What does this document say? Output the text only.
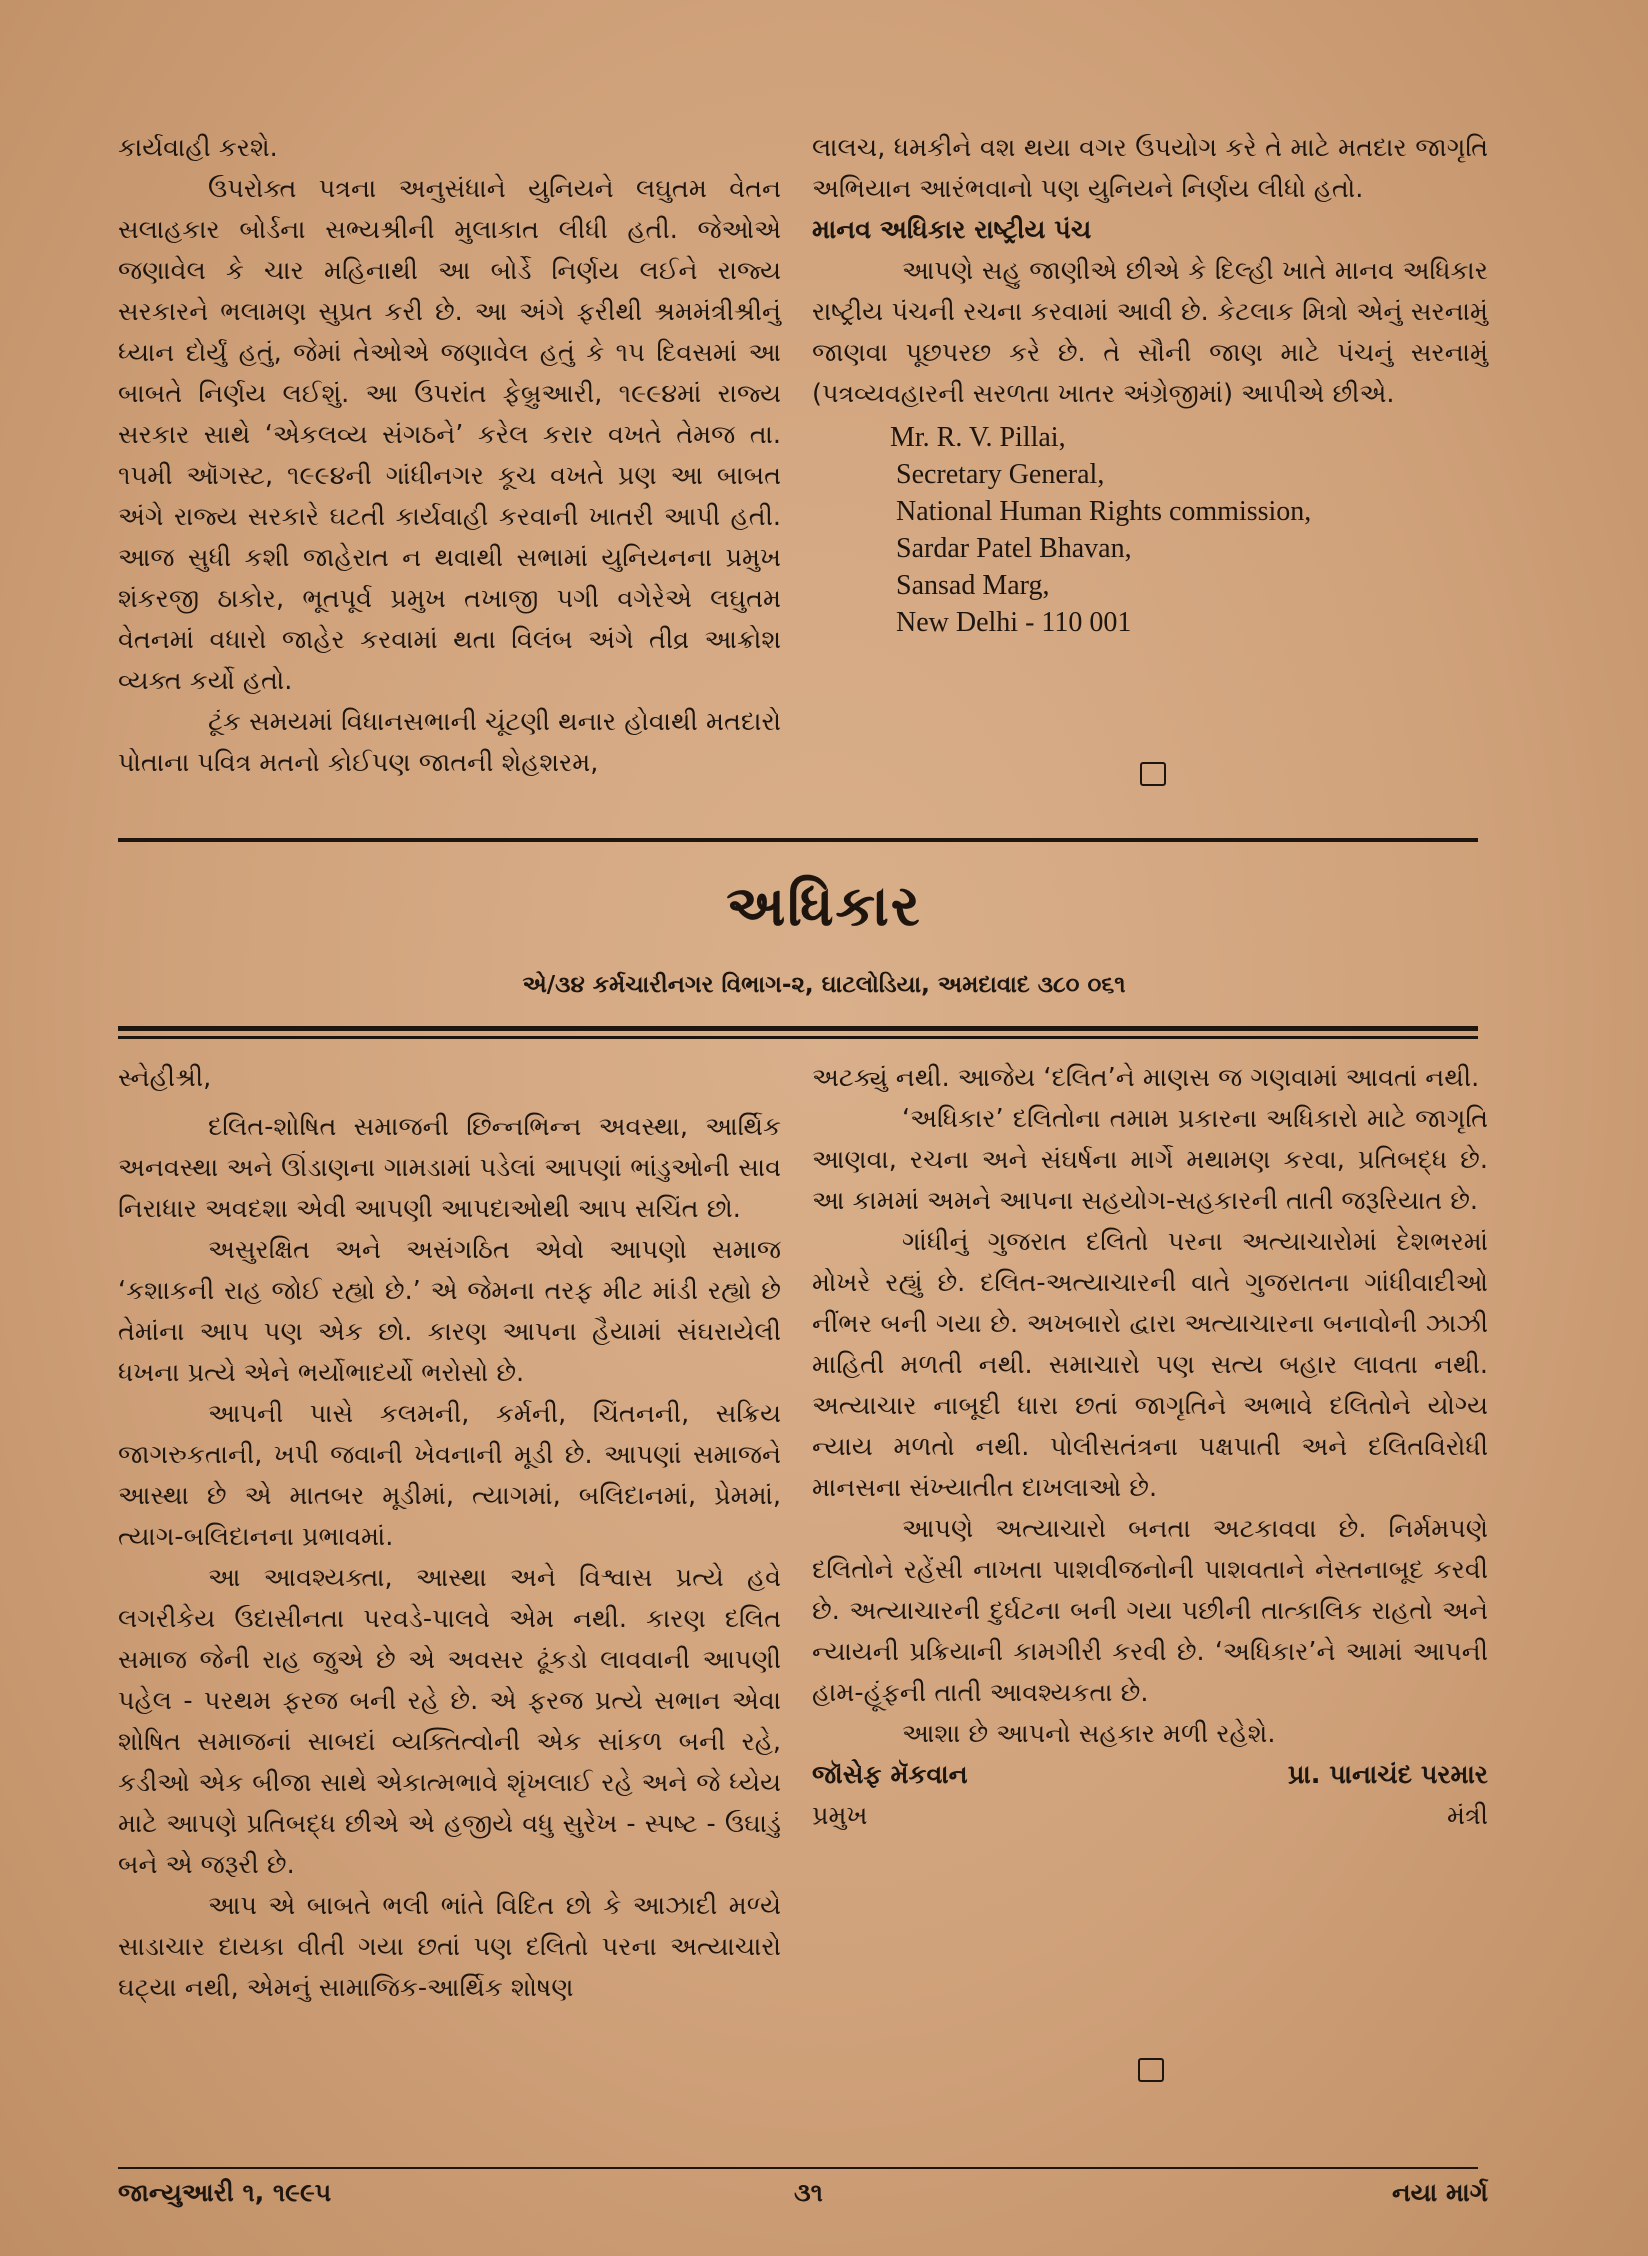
કાર્યવાહી કરશે.

ઉપરોક્ત પત્રના અનુસંધાને યુનિયને લઘુતમ વેતન સલાહકાર બોર્ડના સભ્યશ્રીની મુલાકાત લીધી હતી. જેઓએ જણાવેલ કે ચાર મહિનાથી આ બોર્ડે નિર્ણય લઈને રાજ્ય સરકારને ભલામણ સુપ્રત કરી છે. આ અંગે ફરીથી શ્રમમંત્રીશ્રીનું ધ્યાન દોર્યું હતું, જેમાં તેઓએ જણાવેલ હતું કે ૧૫ દિવસમાં આ બાબતે નિર્ણય લઈશું. આ ઉપરાંત ફેબ્રુઆરી, ૧૯૯૪માં રાજ્ય સરકાર સાથે ‘એકલવ્ય સંગઠને’ કરેલ કરાર વખતે તેમજ તા. ૧૫મી ઑગસ્ટ, ૧૯૯૪ની ગાંધીનગર કૂચ વખતે પ્રણ આ બાબત અંગે રાજ્ય સરકારે ઘટતી કાર્યવાહી કરવાની ખાતરી આપી હતી. આજ સુધી કશી જાહેરાત ન થવાથી સભામાં યુનિયનના પ્રમુખ શંકરજી ઠાકોર, ભૂતપૂર્વ પ્રમુખ તખાજી પગી વગેરેએ લઘુતમ વેતનમાં વધારો જાહેર કરવામાં થતા વિલંબ અંગે તીવ્ર આક્રોશ વ્યક્ત કર્યો હતો.

ટૂંક સમયમાં વિધાનસભાની ચૂંટણી થનાર હોવાથી મતદારો પોતાના પવિત્ર મતનો કોઈપણ જાતની શેહશરમ,

લાલચ, ધમકીને વશ થયા વગર ઉપયોગ કરે તે માટે મતદાર જાગૃતિ અભિયાન આરંભવાનો પણ યુનિયને નિર્ણય લીધો હતો.

માનવ અધિકાર રાષ્ટ્રીય પંચ

આપણે સહુ જાણીએ છીએ કે દિલ્હી ખાતે માનવ અધિકાર રાષ્ટ્રીય પંચની રચના કરવામાં આવી છે. કેટલાક મિત્રો એનું સરનામું જાણવા પૂછપરછ કરે છે. તે સૌની જાણ માટે પંચનું સરનામું (પત્રવ્યવહારની સરળતા ખાતર અંગ્રેજીમાં) આપીએ છીએ.

Mr. R. V. Pillai,
Secretary General,
National Human Rights commission,
Sardar Patel Bhavan,
Sansad Marg,
New Delhi - 110 001
અધિકાર
એ/૩૪ કર્મચારીનગર વિભાગ-૨, ઘાટલોડિયા, અમદાવાદ ૩૮૦ ૦૬૧

સ્નેહીશ્રી,

દલિત-શોષિત સમાજની છિન્નભિન્ન અવસ્થા, આર્થિક અનવસ્થા અને ઊંડાણના ગામડામાં પડેલાં આપણાં ભાંડુઓની સાવ નિરાધાર અવદશા એવી આપણી આપદાઓથી આપ સચિંત છો.

અસુરક્ષિત અને અસંગઠિત એવો આપણો સમાજ ‘કશાકની રાહ જોઈ રહ્યો છે.’ એ જેમના તરફ મીટ માંડી રહ્યો છે તેમાંના આપ પણ એક છો. કારણ આપના હૈયામાં સંઘરાયેલી ધખના પ્રત્યે એને ભર્યોભાદર્યો ભરોસો છે.

આપની પાસે કલમની, કર્મની, ચિંતનની, સક્રિય જાગરુકતાની, ખપી જવાની ખેવનાની મૂડી છે. આપણાં સમાજને આસ્થા છે એ માતબર મૂડીમાં, ત્યાગમાં, બલિદાનમાં, પ્રેમમાં, ત્યાગ-બલિદાનના પ્રભાવમાં.

આ આવશ્યક્તા, આસ્થા અને વિશ્વાસ પ્રત્યે હવે લગરીકેય ઉદાસીનતા પરવડે-પાલવે એમ નથી. કારણ દલિત સમાજ જેની રાહ જુએ છે એ અવસર ઢૂંકડો લાવવાની આપણી પહેલ - પરથમ ફરજ બની રહે છે. એ ફરજ પ્રત્યે સભાન એવા શોષિત સમાજનાં સાબદાં વ્યક્તિત્વોની એક સાંકળ બની રહે, કડીઓ એક બીજા સાથે એકાત્મભાવે શૃંખલાઈ રહે અને જે ધ્યેય માટે આપણે પ્રતિબદ્ધ છીએ એ હજીયે વધુ સુરેખ - સ્પષ્ટ - ઉઘાડું બને એ જરૂરી છે.

આપ એ બાબતે ભલી ભાંતે વિદિત છો કે આઝાદી મળ્યે સાડાચાર દાયકા વીતી ગયા છતાં પણ દલિતો પરના અત્યાચારો ઘટ્યા નથી, એમનું સામાજિક-આર્થિક શોષણ

અટક્યું નથી. આજેય ‘દલિત’ને માણસ જ ગણવામાં આવતાં નથી.

‘અધિકાર’ દલિતોના તમામ પ્રકારના અધિકારો માટે જાગૃતિ આણવા, રચના અને સંઘર્ષના માર્ગે મથામણ કરવા, પ્રતિબદ્ધ છે. આ કામમાં અમને આપના સહયોગ-સહકારની તાતી જરૂરિયાત છે.

ગાંધીનું ગુજરાત દલિતો પરના અત્યાચારોમાં દેશભરમાં મોખરે રહ્યું છે. દલિત-અત્યાચારની વાતે ગુજરાતના ગાંધીવાદીઓ નીંભર બની ગયા છે. અખબારો દ્વારા અત્યાચારના બનાવોની ઝાઝી માહિતી મળતી નથી. સમાચારો પણ સત્ય બહાર લાવતા નથી. અત્યાચાર નાબૂદી ધારા છતાં જાગૃતિને અભાવે દલિતોને યોગ્ય ન્યાય મળતો નથી. પોલીસતંત્રના પક્ષપાતી અને દલિતવિરોધી માનસના સંખ્યાતીત દાખલાઓ છે.

આપણે અત્યાચારો બનતા અટકાવવા છે. નિર્મમપણે દલિતોને રહેંસી નાખતા પાશવીજનોની પાશવતાને નેસ્તનાબૂદ કરવી છે. અત્યાચારની દુર્ઘટના બની ગયા પછીની તાત્કાલિક રાહતો અને ન્યાયની પ્રક્રિયાની કામગીરી કરવી છે. ‘અધિકાર’ને આમાં આપની હામ-હૂંફની તાતી આવશ્યકતા છે.

આશા છે આપનો સહકાર મળી રહેશે.

જૉસેફ મૅકવાન	પ્રા. પાનાચંદ પરમાર
પ્રમુખ	મંત્રી
જાન્યુઆરી ૧, ૧૯૯૫	૩૧	નયા માર્ગ
